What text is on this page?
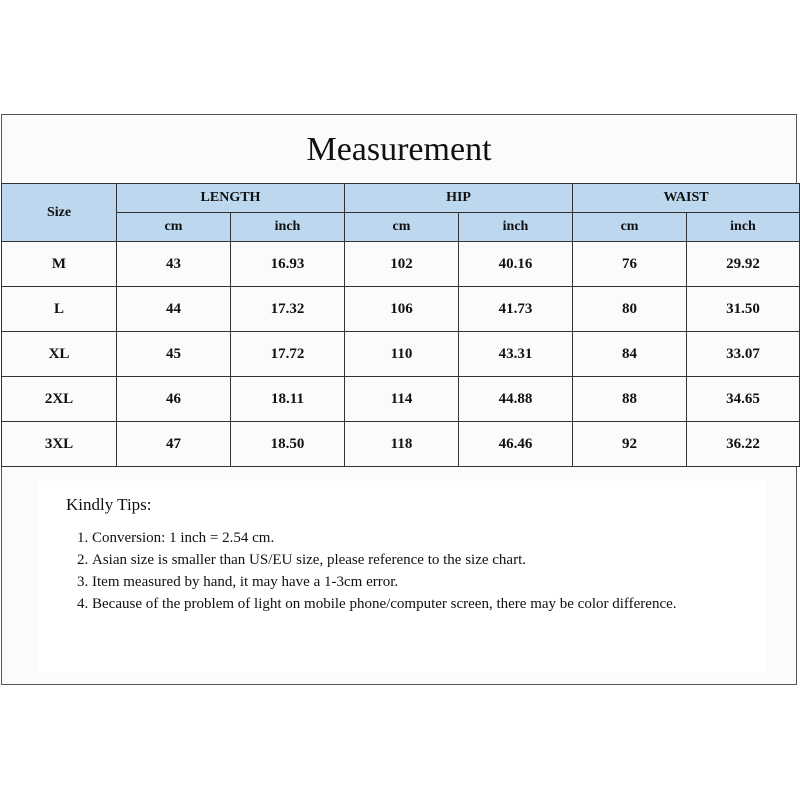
Measurement
Size	LENGTH		HIP		WAIST	
	cm	inch	cm	inch	cm	inch
M	43	16.93	102	40.16	76	29.92
L	44	17.32	106	41.73	80	31.50
XL	45	17.72	110	43.31	84	33.07
2XL	46	18.11	114	44.88	88	34.65
3XL	47	18.50	118	46.46	92	36.22
Kindly Tips:
1. Conversion: 1 inch = 2.54 cm.
2. Asian size is smaller than US/EU size, please reference to the size chart.
3. Item measured by hand, it may have a 1-3cm error.
4. Because of the problem of light on mobile phone/computer screen, there may be color difference.
